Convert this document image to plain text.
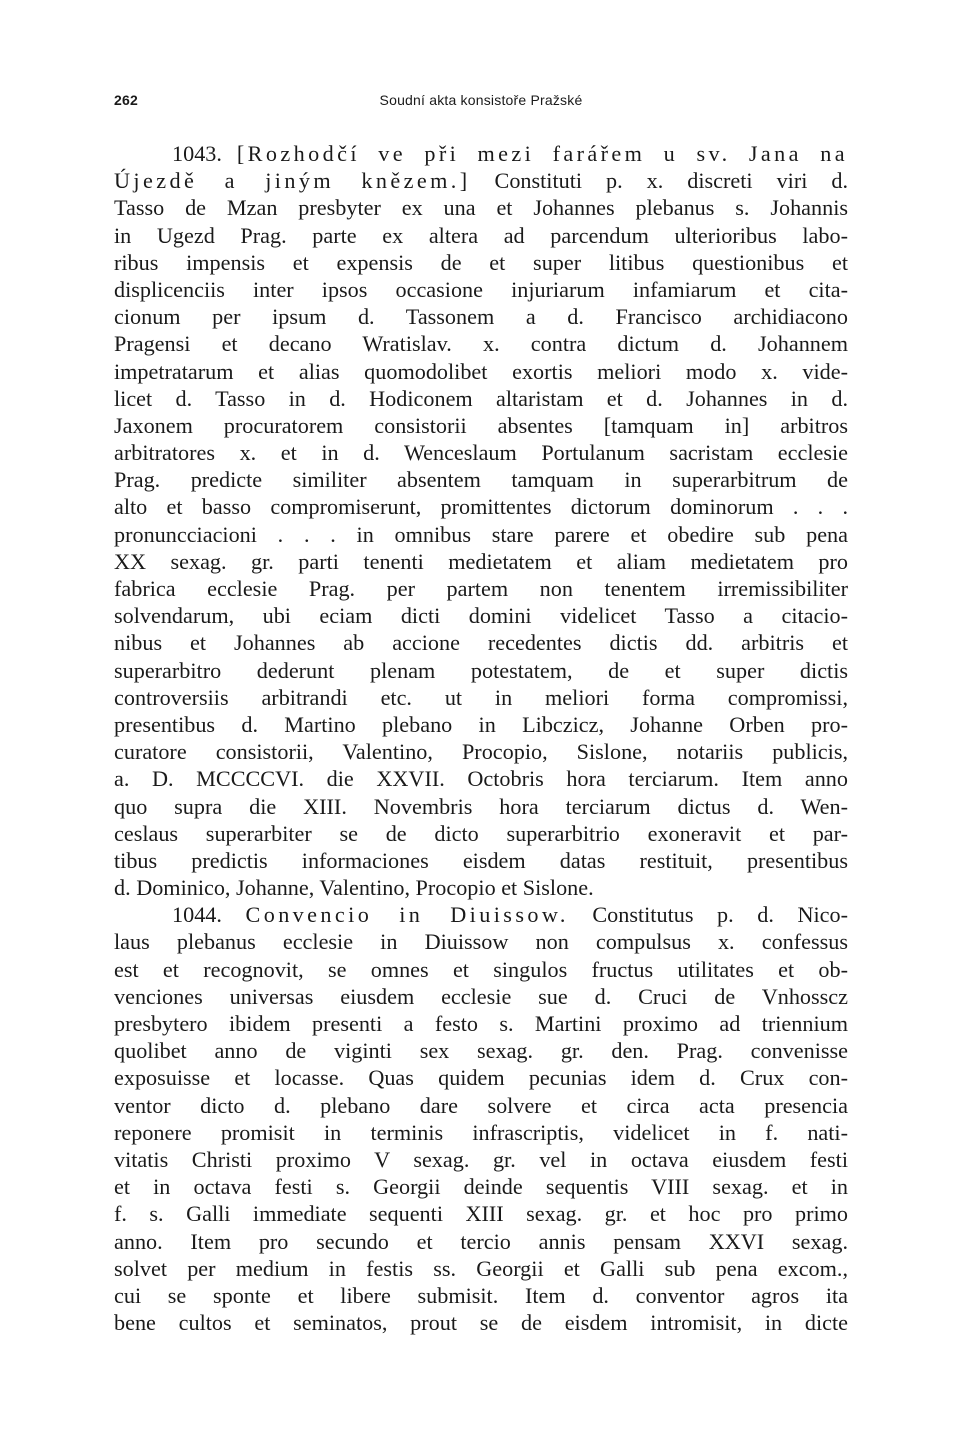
262	Soudní akta konsistoře Pražské
1043. [Rozhodčí ve při mezi farářem u sv. Jana na
Újezdě a jiným knězem.] Constituti p. x. discreti viri d.
Tasso de Mzan presbyter ex una et Johannes plebanus s. Johannis
in Ugezd Prag. parte ex altera ad parcendum ulterioribus labo-
ribus impensis et expensis de et super litibus questionibus et
displicenciis inter ipsos occasione injuriarum infamiarum et cita-
cionum per ipsum d. Tassonem a d. Francisco archidiacono
Pragensi et decano Wratislav. x. contra dictum d. Johannem
impetratarum et alias quomodolibet exortis meliori modo x. vide-
licet d. Tasso in d. Hodiconem altaristam et d. Johannes in d.
Jaxonem procuratorem consistorii absentes [tamquam in] arbitros
arbitratores x. et in d. Wenceslaum Portulanum sacristam ecclesie
Prag. predicte similiter absentem tamquam in superarbitrum de
alto et basso compromiserunt, promittentes dictorum dominorum . . .
pronuncciacioni . . . in omnibus stare parere et obedire sub pena
XX sexag. gr. parti tenenti medietatem et aliam medietatem pro
fabrica ecclesie Prag. per partem non tenentem irremissibiliter
solvendarum, ubi eciam dicti domini videlicet Tasso a citacio-
nibus et Johannes ab accione recedentes dictis dd. arbitris et
superarbitro dederunt plenam potestatem, de et super dictis
controversiis arbitrandi etc. ut in meliori forma compromissi,
presentibus d. Martino plebano in Libczicz, Johanne Orben pro-
curatore consistorii, Valentino, Procopio, Sislone, notariis publicis,
a. D. MCCCCVI. die XXVII. Octobris hora terciarum. Item anno
quo supra die XIII. Novembris hora terciarum dictus d. Wen-
ceslaus superarbiter se de dicto superarbitrio exoneravit et par-
tibus predictis informaciones eisdem datas restituit, presentibus
d. Dominico, Johanne, Valentino, Procopio et Sislone.
1044. Convencio in Diuissow. Constitutus p. d. Nico-
laus plebanus ecclesie in Diuissow non compulsus x. confessus
est et recognovit, se omnes et singulos fructus utilitates et ob-
venciones universas eiusdem ecclesie sue d. Cruci de Vnhosscz
presbytero ibidem presenti a festo s. Martini proximo ad triennium
quolibet anno de viginti sex sexag. gr. den. Prag. convenisse
exposuisse et locasse. Quas quidem pecunias idem d. Crux con-
ventor dicto d. plebano dare solvere et circa acta presencia
reponere promisit in terminis infrascriptis, videlicet in f. nati-
vitatis Christi proximo V sexag. gr. vel in octava eiusdem festi
et in octava festi s. Georgii deinde sequentis VIII sexag. et in
f. s. Galli immediate sequenti XIII sexag. gr. et hoc pro primo
anno. Item pro secundo et tercio annis pensam XXVI sexag.
solvet per medium in festis ss. Georgii et Galli sub pena excom.,
cui se sponte et libere submisit. Item d. conventor agros ita
bene cultos et seminatos, prout se de eisdem intromisit, in dicte
